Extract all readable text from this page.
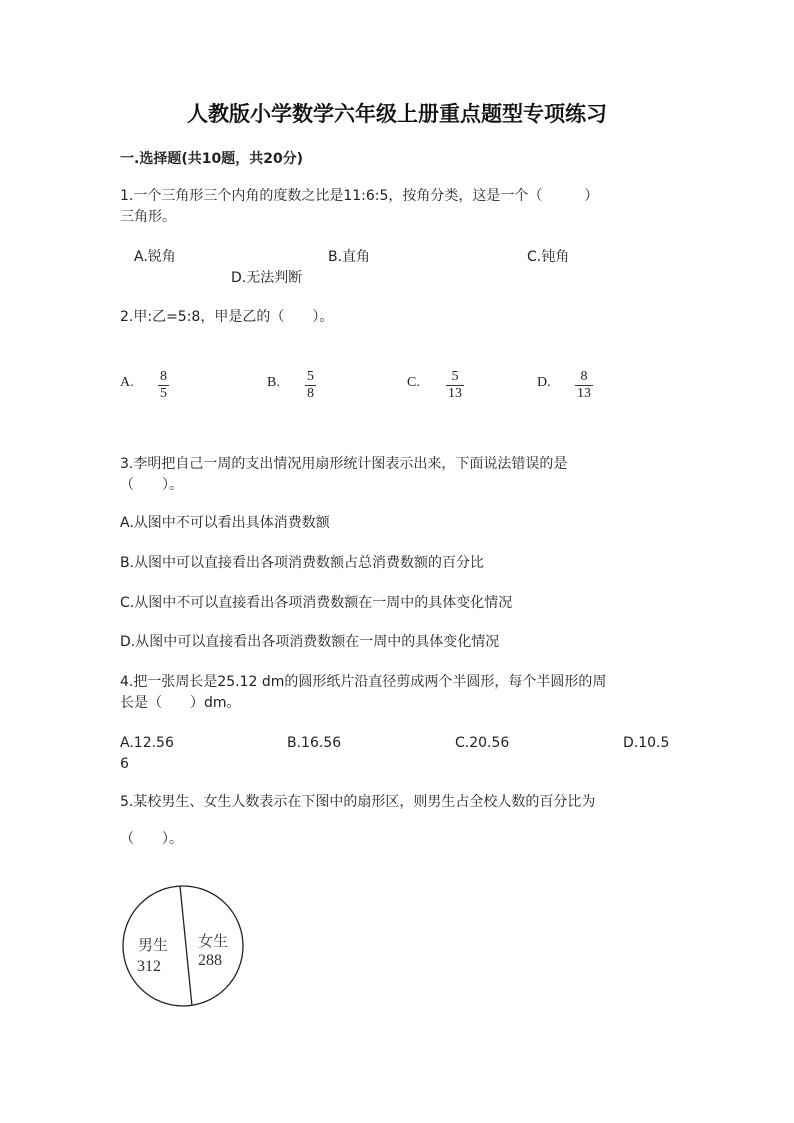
人教版小学数学六年级上册重点题型专项练习
一.选择题(共10题，共20分)
1.一个三角形三个内角的度数之比是11:6:5，按角分类，这是一个（　　　）
三角形。
A.锐角	B.直角	C.钝角
D.无法判断
2.甲:乙=5:8，甲是乙的（　　）。
A. $\frac{8}{5}$	B. $\frac{5}{8}$	C. $\frac{5}{13}$	D. $\frac{8}{13}$
3.李明把自己一周的支出情况用扇形统计图表示出来，下面说法错误的是
（　　）。
A.从图中不可以看出具体消费数额
B.从图中可以直接看出各项消费数额占总消费数额的百分比
C.从图中不可以直接看出各项消费数额在一周中的具体变化情况
D.从图中可以直接看出各项消费数额在一周中的具体变化情况
4.把一张周长是25.12 dm的圆形纸片沿直径剪成两个半圆形，每个半圆形的周
长是（　　）dm。
A.12.56	B.16.56	C.20.56	D.10.5
6
5.某校男生、女生人数表示在下图中的扇形区，则男生占全校人数的百分比为
（　　）。
男生
312
女生
288
